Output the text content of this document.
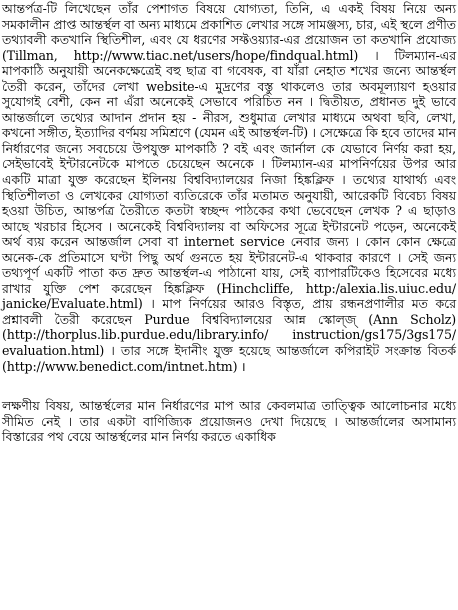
আন্তর্পত্র-টি লিখেছেন তাঁর পেশাগত বিষয়ে যোগ্যতা, তিনি, এ একই বিষয় নিয়ে অন্য সমকালীন প্রাপ্ত আন্তর্স্থল বা অন্য মাধ্যমে প্রকাশিত লেখার সঙ্গে সামঞ্জস্য, চার, এই স্থলে প্রণীত তথ্যাবলী কতখানি স্থিতিশীল, এবং যে ধরণের সফ্টওয়্যার-এর প্রয়োজন তা কতখানি প্রযোজ্য (Tillman, http://www.tiac.net/users/hope/findqual.html) । টিলম্যান-এর মাপকাঠি অনুযায়ী অনেকক্ষেত্রেই বহু ছাত্র বা গবেষক, বা যাঁরা নেহাত শখের জন্যে আন্তর্স্থল তৈরী করেন, তাঁদের লেখা website-এ মুদ্রণের বস্তু থাকলেও তার অবমূল্যায়ণ হওয়ার সুযোগই বেশী, কেন না এঁরা অনেকেই সেভাবে পরিচিত নন । দ্বিতীয়ত, প্রধানত দুই ভাবে আন্তর্জালে তথ্যের আদান প্রদান হয় - নীরস, শুধুমাত্র লেখার মাধ্যমে অথবা ছবি, লেখা, কখনো সঙ্গীত, ইত্যাদির বর্ণময় সমিশ্রণে (যেমন এই আন্তর্স্থল-টি) । সেক্ষেত্রে কি হবে তাদের মান নির্ধারণের জন্যে সবচেয়ে উপযুক্ত মাপকাঠি ? বই এবং জার্নাল কে যেভাবে নির্ণয় করা হয়, সেইভাবেই ইন্টারনেটকে মাপতে চেয়েছেন অনেকে । টিলম্যান-এর মাপনির্ণয়ের উপর আর একটি মাত্রা যুক্ত করেছেন ইলিনয় বিশ্ববিদ্যালয়ের নিজা হিঙ্কক্লিফ । তথ্যের যাথার্থ্য এবং স্থিতিশীলতা ও লেখকের যোগ্যতা ব্যতিরেকে তাঁর মতামত অনুযায়ী, আরেকটি বিবেচ্য বিষয় হওয়া উচিত, আন্তর্পত্র তৈরীতে কতটা স্বচ্ছন্দ পাঠকের কথা ভেবেছেন লেখক ? এ ছাড়াও আছে খরচার হিসেব । অনেকেই বিশ্ববিদ্যালয় বা অফিসের সূত্রে ইন্টারনেট পড়েন, অনেকেই অর্থ ব্যয় করেন আন্তর্জাল সেবা বা internet service নেবার জন্য । কোন কোন ক্ষেত্রে অনেক-কে প্রতিমাসে ঘণ্টা পিছু অর্থ গুনতে হয় ইন্টারনেট-এ থাকবার কারণে । সেই জন্য তথ্যপূর্ণ একটি পাতা কত দ্রুত আন্তর্স্থল-এ পাঠানো যায়, সেই ব্যাপারটিকেও হিসেবের মধ্যে রাখার যুক্তি পেশ করেছেন হিঙ্কক্লিফ (Hinchcliffe, http:/alexia.lis.uiuc.edu/ janicke/Evaluate.html) । মাপ নির্ণয়ের আরও বিস্তৃত, প্রায় রন্ধনপ্রণালীর মত করে প্রশ্নাবলী তৈরী করেছেন Purdue বিশ্ববিদ্যালয়ের আন্ন স্কোল্‌জ্ (Ann Scholz) (http://thorplus.lib.purdue.edu/library.info/ instruction/gs175/3gs175/ evaluation.html) । তার সঙ্গে ইদানীং যুক্ত হয়েছে আন্তর্জালে কপিরাইট সংক্রান্ত বিতর্ক (http://www.benedict.com/intnet.htm) ।

লক্ষণীয় বিষয়, আন্তর্স্থলের মান নির্ধারণের মাপ আর কেবলমাত্র তাত্ত্বিক আলোচনার মধ্যে সীমিত নেই । তার একটা বাণিজ্যিক প্রয়োজনও দেখা দিয়েছে । আন্তর্জালের অসামান্য বিস্তারের পথ বেয়ে আন্তর্স্থলের মান নির্ণয় করতে একাধিক
